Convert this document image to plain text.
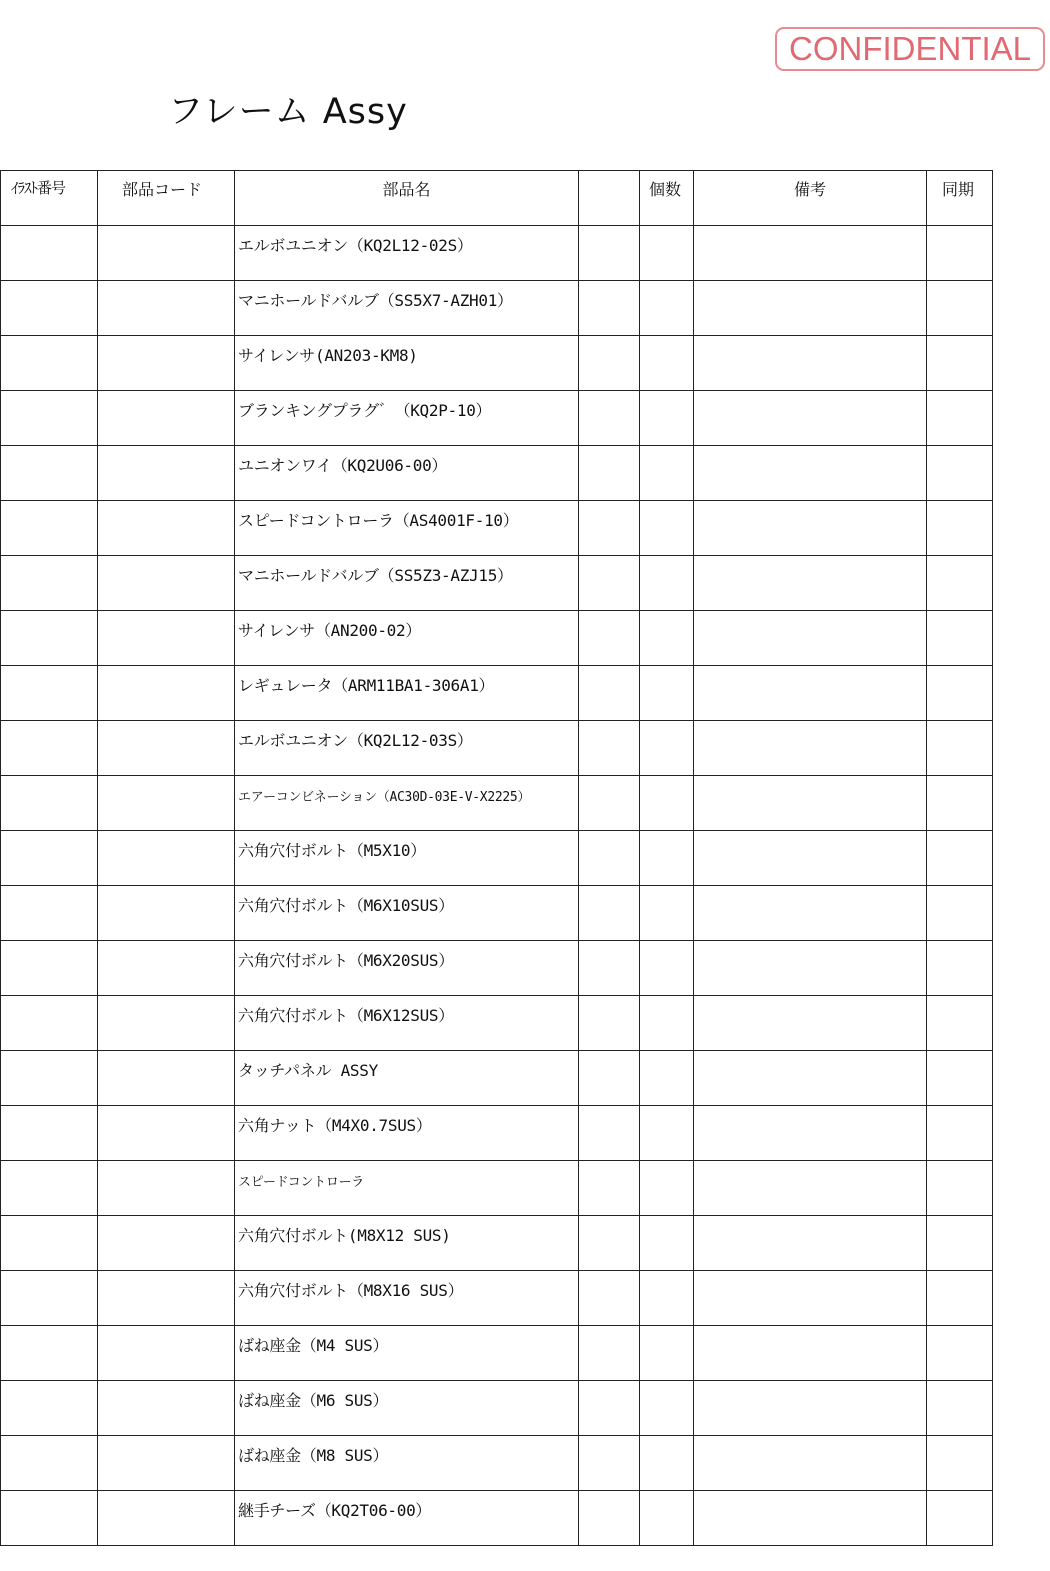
CONFIDENTIAL
フレーム Assy
ｲﾗｽﾄ番号	部品コード	部品名		個数	備考	同期
		エルボユニオン（KQ2L12-02S）				
		マニホールドバルブ（SS5X7-AZH01）				
		サイレンサ(AN203-KM8)				
		ブランキングプラグ゛（KQ2P-10）				
		ユニオンワイ（KQ2U06-00）				
		スピードコントローラ（AS4001F-10）				
		マニホールドバルブ（SS5Z3-AZJ15）				
		サイレンサ（AN200-02）				
		レギュレータ（ARM11BA1-306A1）				
		エルボユニオン（KQ2L12-03S）				
		エアーコンビネーション（AC30D-03E-V-X2225）				
		六角穴付ボルト（M5X10）				
		六角穴付ボルト（M6X10SUS）				
		六角穴付ボルト（M6X20SUS）				
		六角穴付ボルト（M6X12SUS）				
		タッチパネル ASSY				
		六角ナット（M4X0.7SUS）				
		スピードコントローラ				
		六角穴付ボルト(M8X12 SUS)				
		六角穴付ボルト（M8X16 SUS）				
		ばね座金（M4 SUS）				
		ばね座金（M6 SUS）				
		ばね座金（M8 SUS）				
		継手チーズ（KQ2T06-00）				
